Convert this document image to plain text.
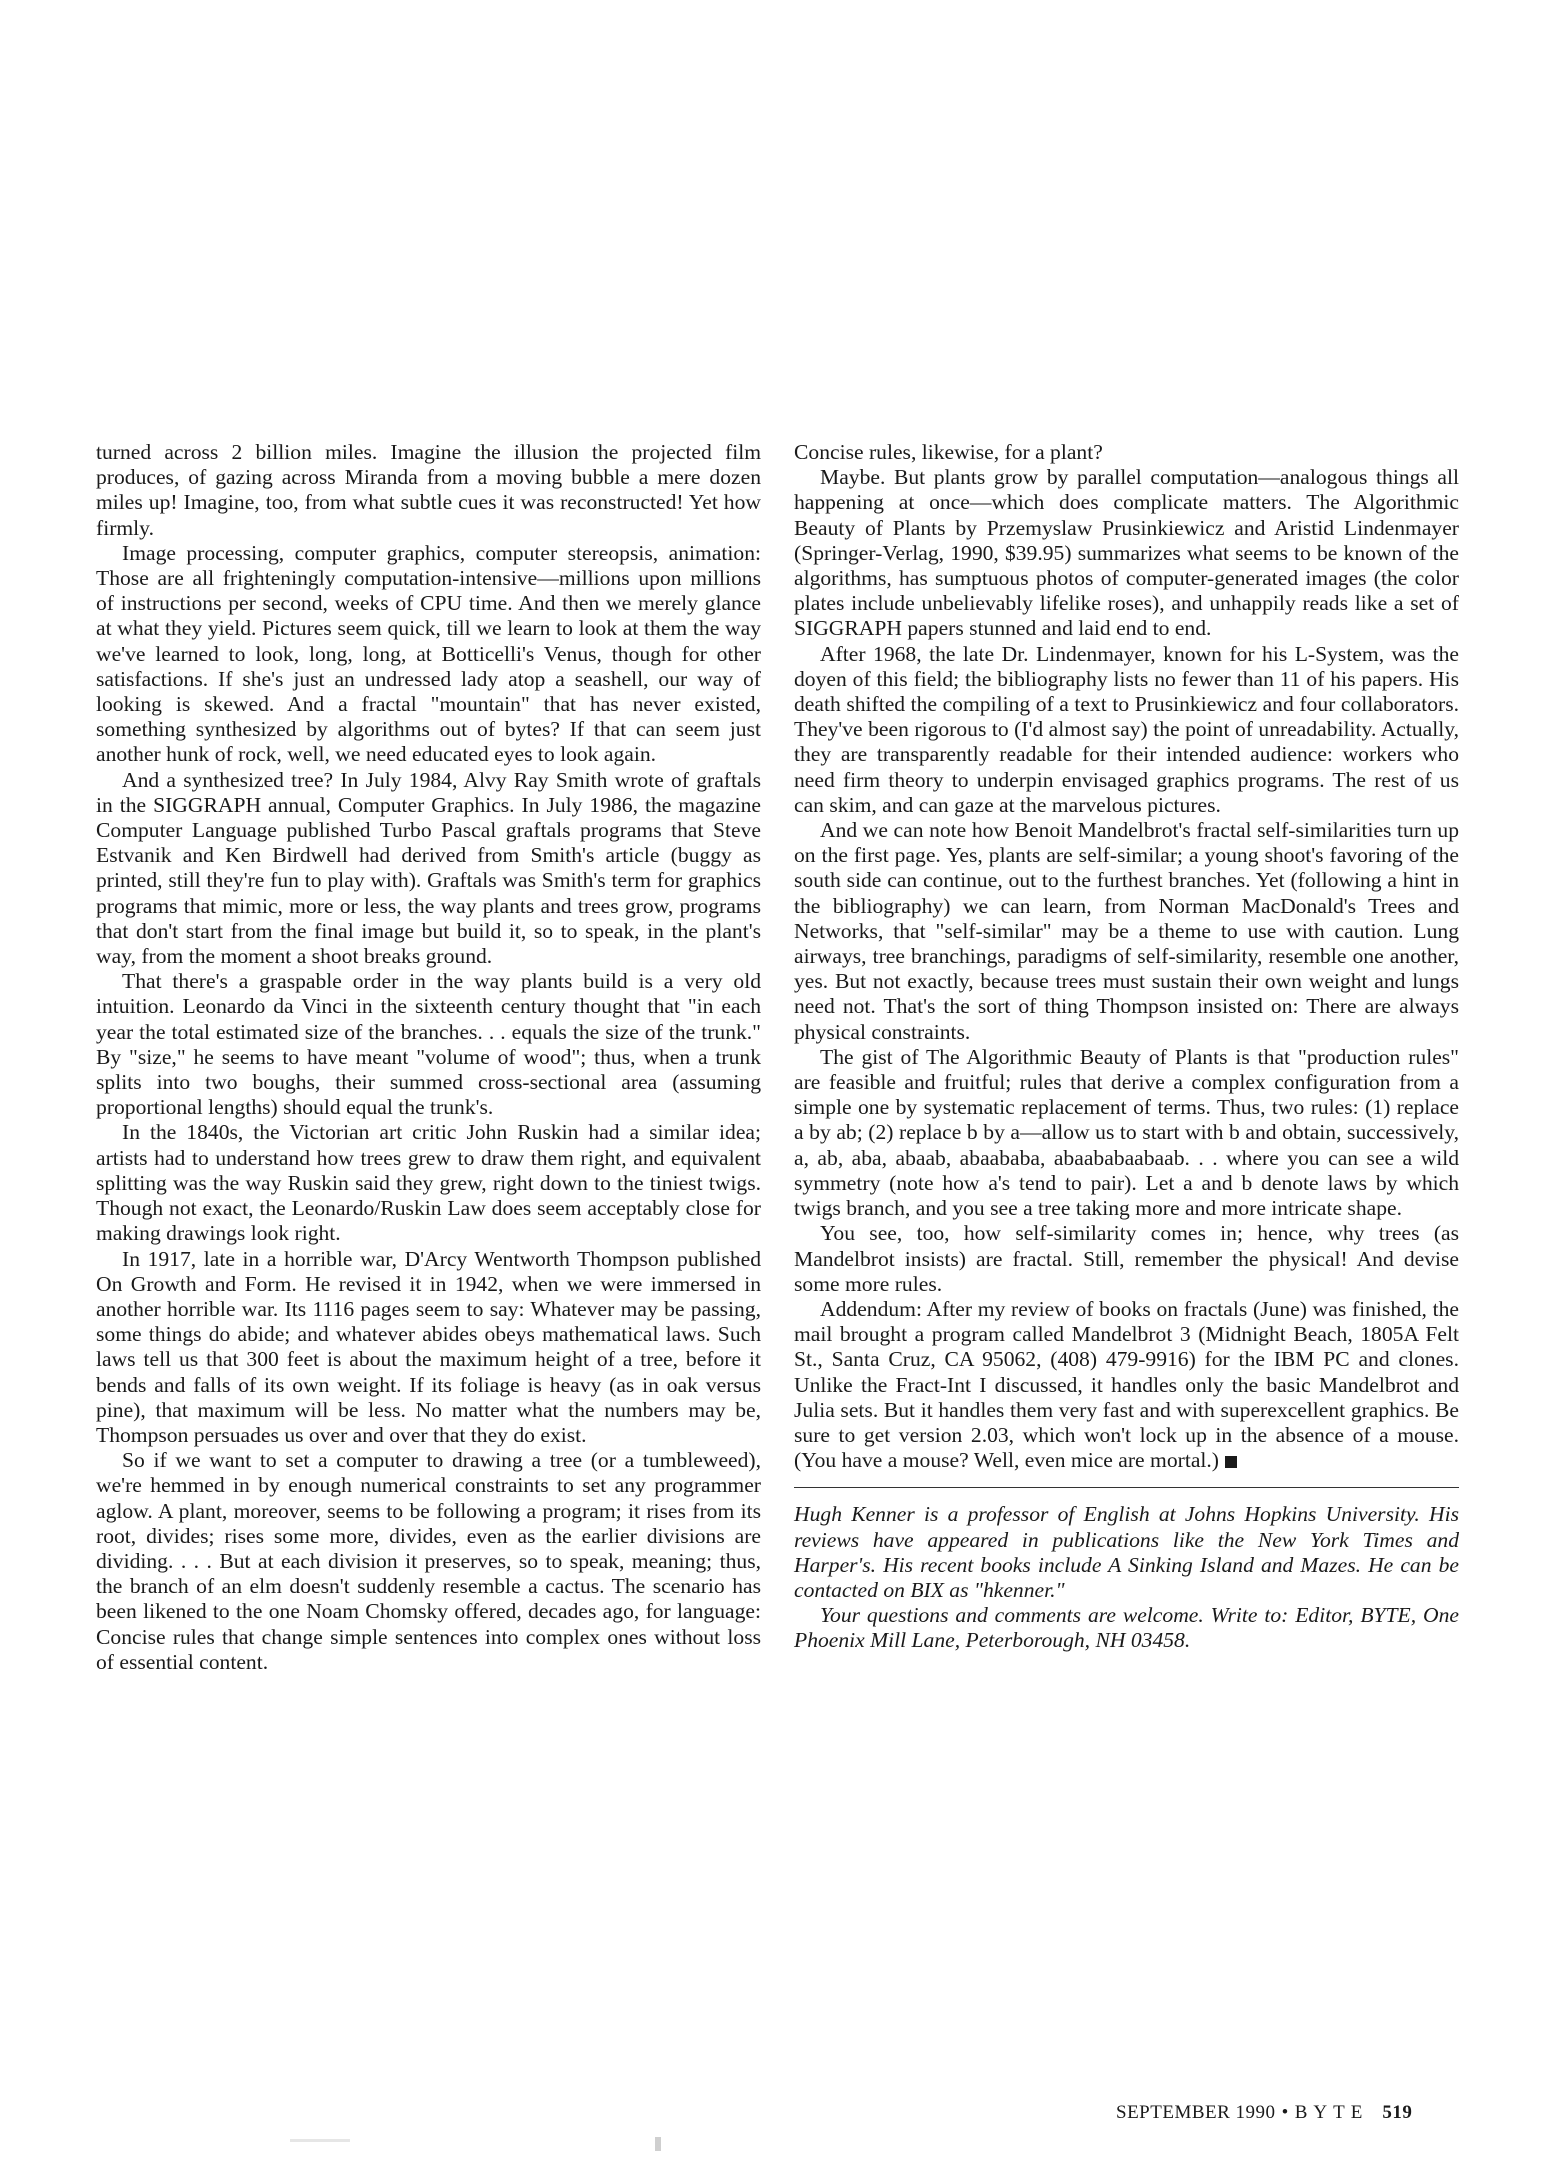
turned across 2 billion miles. Imagine the illusion the projected film produces, of gazing across Miranda from a moving bubble a mere dozen miles up! Imagine, too, from what subtle cues it was reconstructed! Yet how firmly.

Image processing, computer graphics, computer stereopsis, animation: Those are all frighteningly computation-intensive—millions upon millions of instructions per second, weeks of CPU time. And then we merely glance at what they yield. Pictures seem quick, till we learn to look at them the way we've learned to look, long, long, at Botticelli's Venus, though for other satisfactions. If she's just an undressed lady atop a seashell, our way of looking is skewed. And a fractal "mountain" that has never existed, something synthesized by algorithms out of bytes? If that can seem just another hunk of rock, well, we need educated eyes to look again.

And a synthesized tree? In July 1984, Alvy Ray Smith wrote of graftals in the SIGGRAPH annual, Computer Graphics. In July 1986, the magazine Computer Language published Turbo Pascal graftals programs that Steve Estvanik and Ken Birdwell had derived from Smith's article (buggy as printed, still they're fun to play with). Graftals was Smith's term for graphics programs that mimic, more or less, the way plants and trees grow, programs that don't start from the final image but build it, so to speak, in the plant's way, from the moment a shoot breaks ground.

That there's a graspable order in the way plants build is a very old intuition. Leonardo da Vinci in the sixteenth century thought that "in each year the total estimated size of the branches. . . equals the size of the trunk." By "size," he seems to have meant "volume of wood"; thus, when a trunk splits into two boughs, their summed cross-sectional area (assuming proportional lengths) should equal the trunk's.

In the 1840s, the Victorian art critic John Ruskin had a similar idea; artists had to understand how trees grew to draw them right, and equivalent splitting was the way Ruskin said they grew, right down to the tiniest twigs. Though not exact, the Leonardo/Ruskin Law does seem acceptably close for making drawings look right.

In 1917, late in a horrible war, D'Arcy Wentworth Thompson published On Growth and Form. He revised it in 1942, when we were immersed in another horrible war. Its 1116 pages seem to say: Whatever may be passing, some things do abide; and whatever abides obeys mathematical laws. Such laws tell us that 300 feet is about the maximum height of a tree, before it bends and falls of its own weight. If its foliage is heavy (as in oak versus pine), that maximum will be less. No matter what the numbers may be, Thompson persuades us over and over that they do exist.

So if we want to set a computer to drawing a tree (or a tumbleweed), we're hemmed in by enough numerical constraints to set any programmer aglow. A plant, moreover, seems to be following a program; it rises from its root, divides; rises some more, divides, even as the earlier divisions are dividing. . . . But at each division it preserves, so to speak, meaning; thus, the branch of an elm doesn't suddenly resemble a cactus. The scenario has been likened to the one Noam Chomsky offered, decades ago, for language: Concise rules that change simple sentences into complex ones without loss of essential content.

Concise rules, likewise, for a plant?

Maybe. But plants grow by parallel computation—analogous things all happening at once—which does complicate matters. The Algorithmic Beauty of Plants by Przemyslaw Prusinkiewicz and Aristid Lindenmayer (Springer-Verlag, 1990, $39.95) summarizes what seems to be known of the algorithms, has sumptuous photos of computer-generated images (the color plates include unbelievably lifelike roses), and unhappily reads like a set of SIGGRAPH papers stunned and laid end to end.

After 1968, the late Dr. Lindenmayer, known for his L-System, was the doyen of this field; the bibliography lists no fewer than 11 of his papers. His death shifted the compiling of a text to Prusinkiewicz and four collaborators. They've been rigorous to (I'd almost say) the point of unreadability. Actually, they are transparently readable for their intended audience: workers who need firm theory to underpin envisaged graphics programs. The rest of us can skim, and can gaze at the marvelous pictures.

And we can note how Benoit Mandelbrot's fractal self-similarities turn up on the first page. Yes, plants are self-similar; a young shoot's favoring of the south side can continue, out to the furthest branches. Yet (following a hint in the bibliography) we can learn, from Norman MacDonald's Trees and Networks, that "self-similar" may be a theme to use with caution. Lung airways, tree branchings, paradigms of self-similarity, resemble one another, yes. But not exactly, because trees must sustain their own weight and lungs need not. That's the sort of thing Thompson insisted on: There are always physical constraints.

The gist of The Algorithmic Beauty of Plants is that "production rules" are feasible and fruitful; rules that derive a complex configuration from a simple one by systematic replacement of terms. Thus, two rules: (1) replace a by ab; (2) replace b by a—allow us to start with b and obtain, successively, a, ab, aba, abaab, abaababa, abaababaabaab. . . where you can see a wild symmetry (note how a's tend to pair). Let a and b denote laws by which twigs branch, and you see a tree taking more and more intricate shape.

You see, too, how self-similarity comes in; hence, why trees (as Mandelbrot insists) are fractal. Still, remember the physical! And devise some more rules.

Addendum: After my review of books on fractals (June) was finished, the mail brought a program called Mandelbrot 3 (Midnight Beach, 1805A Felt St., Santa Cruz, CA 95062, (408) 479-9916) for the IBM PC and clones. Unlike the Fract-Int I discussed, it handles only the basic Mandelbrot and Julia sets. But it handles them very fast and with superexcellent graphics. Be sure to get version 2.03, which won't lock up in the absence of a mouse. (You have a mouse? Well, even mice are mortal.)

Hugh Kenner is a professor of English at Johns Hopkins University. His reviews have appeared in publications like the New York Times and Harper's. His recent books include A Sinking Island and Mazes. He can be contacted on BIX as "hkenner."

Your questions and comments are welcome. Write to: Editor, BYTE, One Phoenix Mill Lane, Peterborough, NH 03458.

SEPTEMBER 1990 • BYTE 519
